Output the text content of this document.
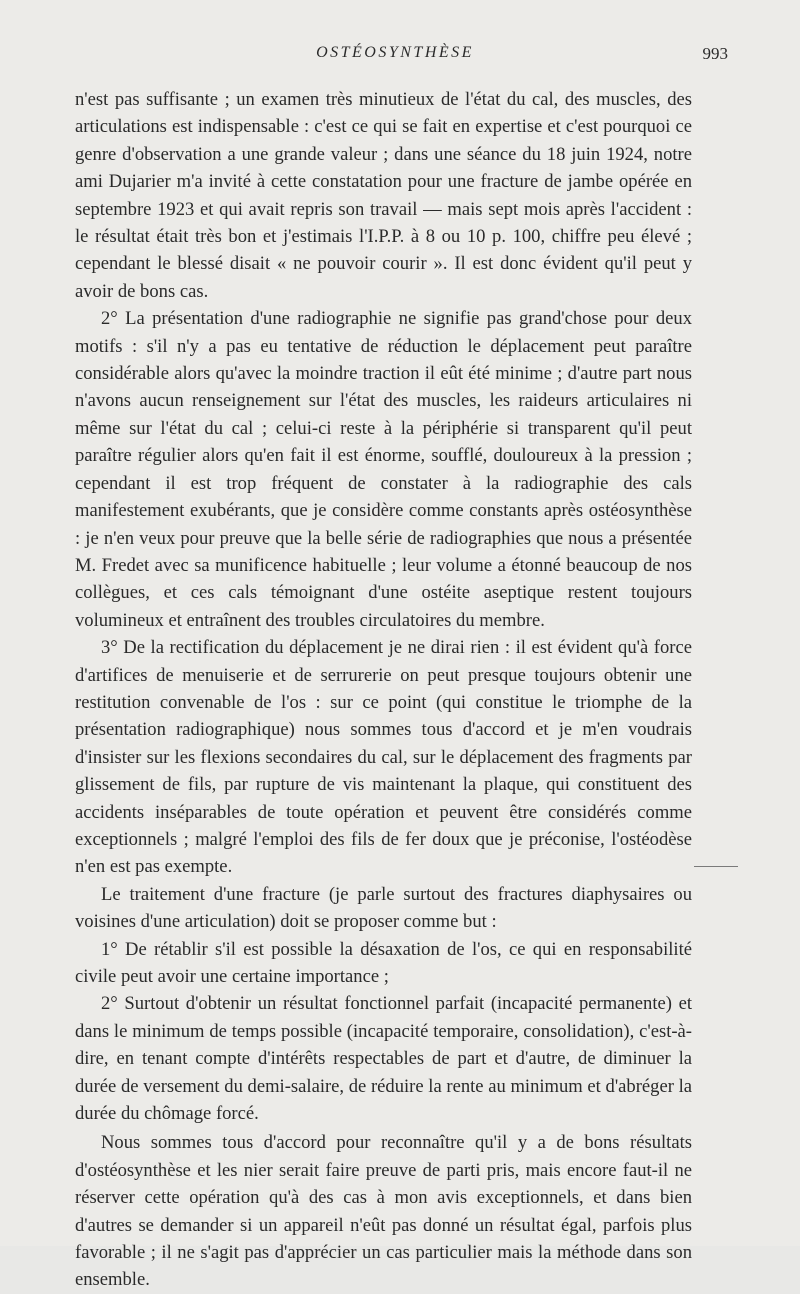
OSTÉOSYNTHÈSE	993

n'est pas suffisante ; un examen très minutieux de l'état du cal, des muscles, des articulations est indispensable : c'est ce qui se fait en expertise et c'est pourquoi ce genre d'observation a une grande valeur ; dans une séance du 18 juin 1924, notre ami Dujarier m'a invité à cette constatation pour une fracture de jambe opérée en septembre 1923 et qui avait repris son travail — mais sept mois après l'accident : le résultat était très bon et j'estimais l'I.P.P. à 8 ou 10 p. 100, chiffre peu élevé ; cependant le blessé disait « ne pouvoir courir ». Il est donc évident qu'il peut y avoir de bons cas.

2° La présentation d'une radiographie ne signifie pas grand'chose pour deux motifs : s'il n'y a pas eu tentative de réduction le déplacement peut paraître considérable alors qu'avec la moindre traction il eût été minime ; d'autre part nous n'avons aucun renseignement sur l'état des muscles, les raideurs articulaires ni même sur l'état du cal ; celui-ci reste à la périphérie si transparent qu'il peut paraître régulier alors qu'en fait il est énorme, soufflé, douloureux à la pression ; cependant il est trop fréquent de constater à la radiographie des cals manifestement exubérants, que je considère comme constants après ostéosynthèse : je n'en veux pour preuve que la belle série de radiographies que nous a présentée M. Fredet avec sa munificence habituelle ; leur volume a étonné beaucoup de nos collègues, et ces cals témoignant d'une ostéite aseptique restent toujours volumineux et entraînent des troubles circulatoires du membre.

3° De la rectification du déplacement je ne dirai rien : il est évident qu'à force d'artifices de menuiserie et de serrurerie on peut presque toujours obtenir une restitution convenable de l'os : sur ce point (qui constitue le triomphe de la présentation radiographique) nous sommes tous d'accord et je m'en voudrais d'insister sur les flexions secondaires du cal, sur le déplacement des fragments par glissement de fils, par rupture de vis maintenant la plaque, qui constituent des accidents inséparables de toute opération et peuvent être considérés comme exceptionnels ; malgré l'emploi des fils de fer doux que je préconise, l'ostéodèse n'en est pas exempte.

Le traitement d'une fracture (je parle surtout des fractures diaphysaires ou voisines d'une articulation) doit se proposer comme but :

1° De rétablir s'il est possible la désaxation de l'os, ce qui en responsabilité civile peut avoir une certaine importance ;

2° Surtout d'obtenir un résultat fonctionnel parfait (incapacité permanente) et dans le minimum de temps possible (incapacité temporaire, consolidation), c'est-à-dire, en tenant compte d'intérêts respectables de part et d'autre, de diminuer la durée de versement du demi-salaire, de réduire la rente au minimum et d'abréger la durée du chômage forcé.

Nous sommes tous d'accord pour reconnaître qu'il y a de bons résultats d'ostéosynthèse et les nier serait faire preuve de parti pris, mais encore faut-il ne réserver cette opération qu'à des cas à mon avis exceptionnels, et dans bien d'autres se demander si un appareil n'eût pas donné un résultat égal, parfois plus favorable ; il ne s'agit pas d'apprécier un cas particulier mais la méthode dans son ensemble.
